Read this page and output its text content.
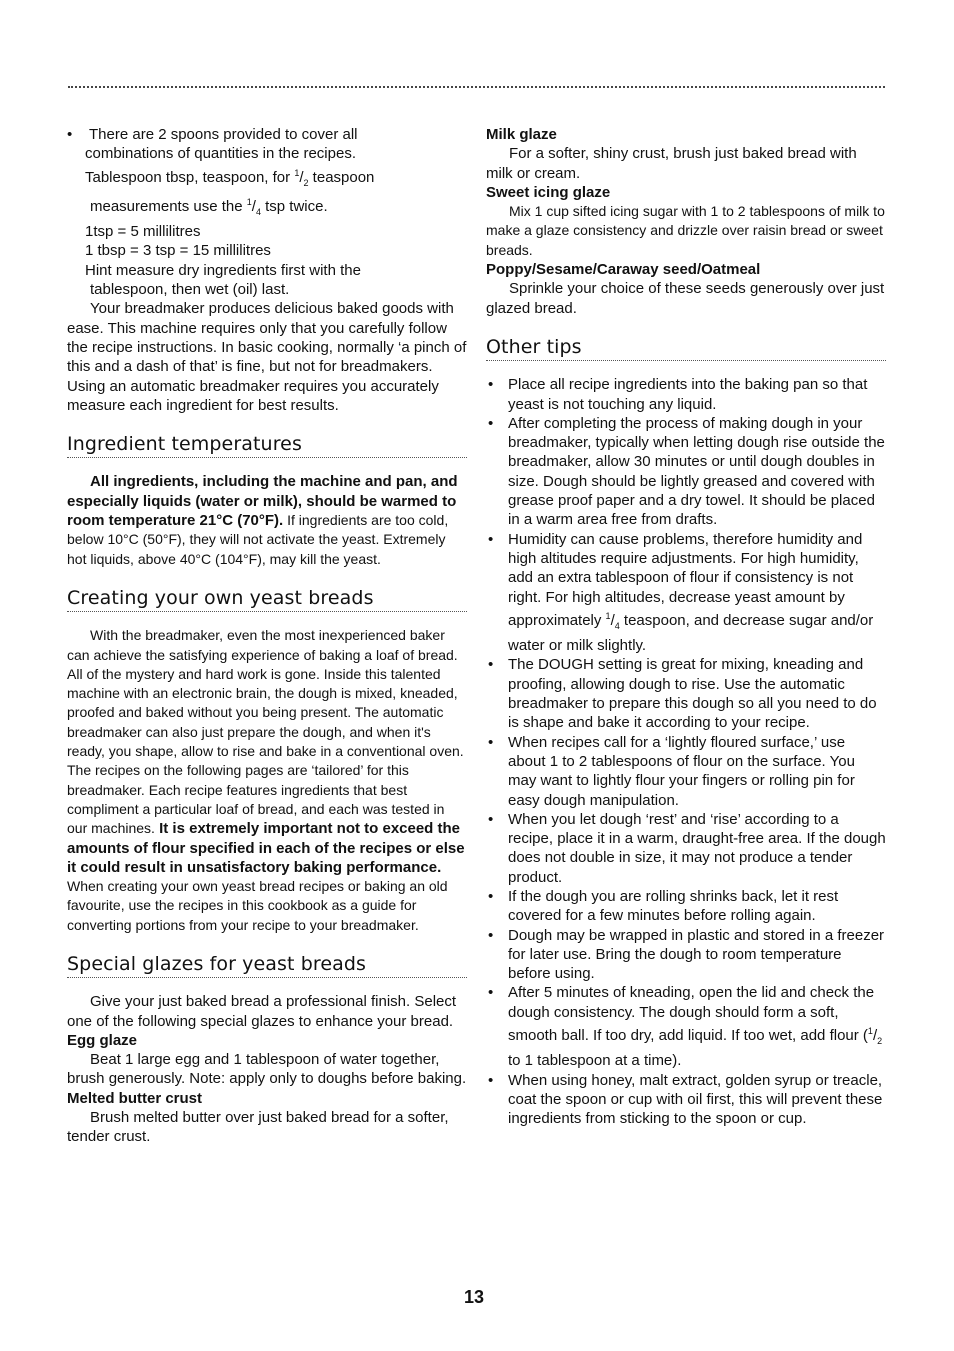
• There are 2 spoons provided to cover all

combinations of quantities in the recipes.

Tablespoon tbsp, teaspoon, for $^1/_2$ teaspoon

measurements use the $^1/_4$ tsp twice.

1tsp = 5 millilitres

1 tbsp = 3 tsp = 15 millilitres

Hint measure dry ingredients first with the

tablespoon, then wet (oil) last.

Your breadmaker produces delicious baked goods with ease. This machine requires only that you carefully follow the recipe instructions. In basic cooking, normally ‘a pinch of this and a dash of that’ is fine, but not for breadmakers. Using an automatic breadmaker requires you accurately measure each ingredient for best results.

Ingredient temperatures

All ingredients, including the machine and pan, and especially liquids (water or milk), should be warmed to room temperature 21°C (70°F). If ingredients are too cold, below 10°C (50°F), they will not activate the yeast. Extremely hot liquids, above 40°C (104°F), may kill the yeast.

Creating your own yeast breads

With the breadmaker, even the most inexperienced baker can achieve the satisfying experience of baking a loaf of bread. All of the mystery and hard work is gone. Inside this talented machine with an electronic brain, the dough is mixed, kneaded, proofed and baked without you being present. The automatic breadmaker can also just prepare the dough, and when it's ready, you shape, allow to rise and bake in a conventional oven. The recipes on the following pages are ‘tailored’ for this breadmaker. Each recipe features ingredients that best compliment a particular loaf of bread, and each was tested in our machines. It is extremely important not to exceed the amounts of flour specified in each of the recipes or else it could result in unsatisfactory baking performance. When creating your own yeast bread recipes or baking an old favourite, use the recipes in this cookbook as a guide for converting portions from your recipe to your breadmaker.

Special glazes for yeast breads

Give your just baked bread a professional finish. Select one of the following special glazes to enhance your bread.

Egg glaze

Beat 1 large egg and 1 tablespoon of water together, brush generously. Note: apply only to doughs before baking.

Melted butter crust

Brush melted butter over just baked bread for a softer, tender crust.

Milk glaze

For a softer, shiny crust, brush just baked bread with milk or cream.

Sweet icing glaze

Mix 1 cup sifted icing sugar with 1 to 2 tablespoons of milk to make a glaze consistency and drizzle over raisin bread or sweet breads.

Poppy/Sesame/Caraway seed/Oatmeal

Sprinkle your choice of these seeds generously over just glazed bread.

Other tips
• Place all recipe ingredients into the baking pan so that yeast is not touching any liquid.
• After completing the process of making dough in your breadmaker, typically when letting dough rise outside the breadmaker, allow 30 minutes or until dough doubles in size. Dough should be lightly greased and covered with grease proof paper and a dry towel. It should be placed in a warm area free from drafts.
• Humidity can cause problems, therefore humidity and high altitudes require adjustments. For high humidity, add an extra tablespoon of flour if consistency is not right. For high altitudes, decrease yeast amount by approximately $^1/_4$ teaspoon, and decrease sugar and/or water or milk slightly.
• The DOUGH setting is great for mixing, kneading and proofing, allowing dough to rise. Use the automatic breadmaker to prepare this dough so all you need to do is shape and bake it according to your recipe.
• When recipes call for a ‘lightly floured surface,’ use about 1 to 2 tablespoons of flour on the surface. You may want to lightly flour your fingers or rolling pin for easy dough manipulation.
• When you let dough ‘rest’ and ‘rise’ according to a recipe, place it in a warm, draught-free area. If the dough does not double in size, it may not produce a tender product.
• If the dough you are rolling shrinks back, let it rest covered for a few minutes before rolling again.
• Dough may be wrapped in plastic and stored in a freezer for later use. Bring the dough to room temperature before using.
• After 5 minutes of kneading, open the lid and check the dough consistency. The dough should form a soft, smooth ball. If too dry, add liquid. If too wet, add flour ($^1/_2$ to 1 tablespoon at a time).
• When using honey, malt extract, golden syrup or treacle, coat the spoon or cup with oil first, this will prevent these ingredients from sticking to the spoon or cup.
13
